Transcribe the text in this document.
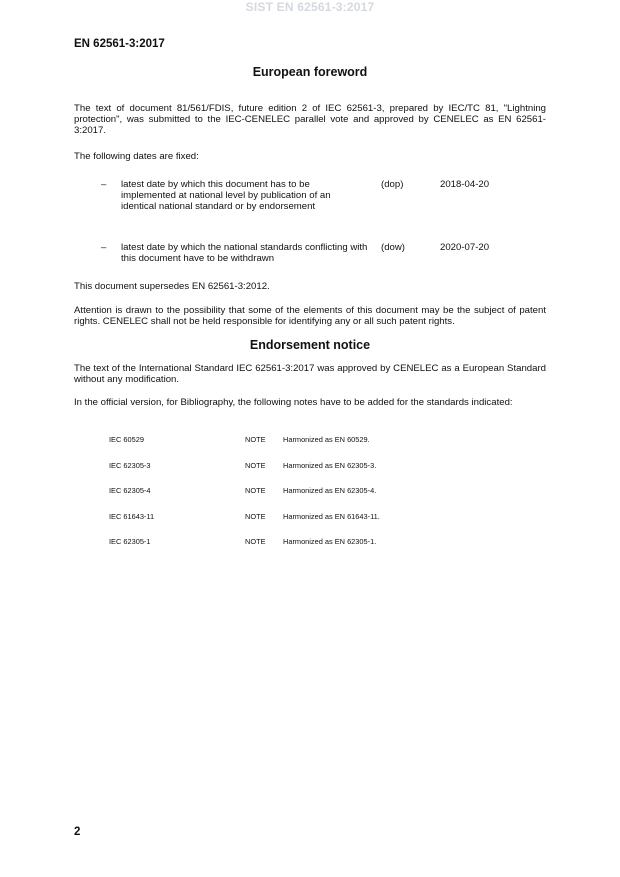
SIST EN 62561-3:2017
EN 62561-3:2017
European foreword
The text of document 81/561/FDIS, future edition 2 of IEC 62561-3, prepared by IEC/TC 81, "Lightning protection", was submitted to the IEC-CENELEC parallel vote and approved by CENELEC as EN 62561-3:2017.
The following dates are fixed:
– latest date by which this document has to be implemented at national level by publication of an identical national standard or by endorsement
(dop)	2018-04-20
– latest date by which the national standards conflicting with this document have to be withdrawn
(dow)	2020-07-20
This document supersedes EN 62561-3:2012.
Attention is drawn to the possibility that some of the elements of this document may be the subject of patent rights. CENELEC shall not be held responsible for identifying any or all such patent rights.
Endorsement notice
The text of the International Standard IEC 62561-3:2017 was approved by CENELEC as a European Standard without any modification.
In the official version, for Bibliography, the following notes have to be added for the standards indicated:
IEC 60529	NOTE Harmonized as EN 60529.
IEC 62305-3	NOTE Harmonized as EN 62305-3.
IEC 62305-4	NOTE Harmonized as EN 62305-4.
IEC 61643-11	NOTE Harmonized as EN 61643-11.
IEC 62305-1	NOTE Harmonized as EN 62305-1.
2
